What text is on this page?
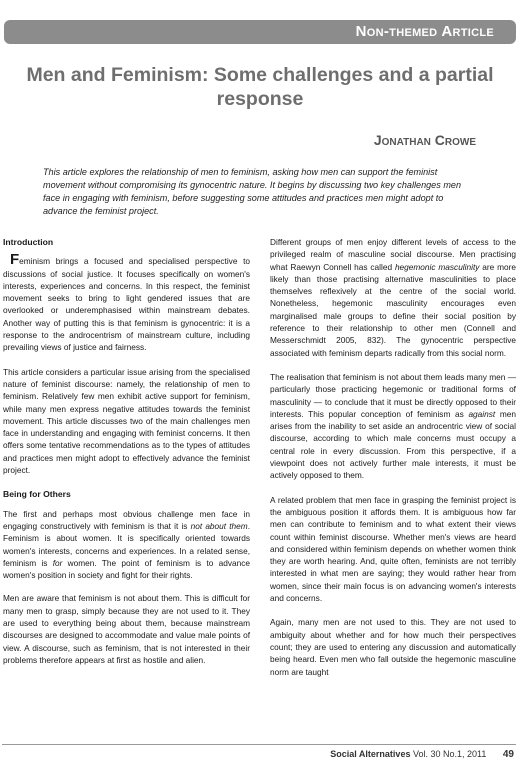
Non-themed Article
Men and Feminism: Some challenges and a partial response
Jonathan Crowe

This article explores the relationship of men to feminism, asking how men can support the feminist movement without compromising its gynocentric nature. It begins by discussing two key challenges men face in engaging with feminism, before suggesting some attitudes and practices men might adopt to advance the feminist project.

Introduction

Feminism brings a focused and specialised perspective to discussions of social justice. It focuses specifically on women's interests, experiences and concerns. In this respect, the feminist movement seeks to bring to light gendered issues that are overlooked or underemphasised within mainstream debates. Another way of putting this is that feminism is gynocentric: it is a response to the androcentrism of mainstream culture, including prevailing views of justice and fairness.

This article considers a particular issue arising from the specialised nature of feminist discourse: namely, the relationship of men to feminism. Relatively few men exhibit active support for feminism, while many men express negative attitudes towards the feminist movement. This article discusses two of the main challenges men face in understanding and engaging with feminist concerns. It then offers some tentative recommendations as to the types of attitudes and practices men might adopt to effectively advance the feminist project.

Being for Others

The first and perhaps most obvious challenge men face in engaging constructively with feminism is that it is not about them. Feminism is about women. It is specifically oriented towards women's interests, concerns and experiences. In a related sense, feminism is for women. The point of feminism is to advance women's position in society and fight for their rights.

Men are aware that feminism is not about them. This is difficult for many men to grasp, simply because they are not used to it. They are used to everything being about them, because mainstream discourses are designed to accommodate and value male points of view. A discourse, such as feminism, that is not interested in their problems therefore appears at first as hostile and alien.

Different groups of men enjoy different levels of access to the privileged realm of masculine social discourse. Men practising what Raewyn Connell has called hegemonic masculinity are more likely than those practising alternative masculinities to place themselves reflexively at the centre of the social world. Nonetheless, hegemonic masculinity encourages even marginalised male groups to define their social position by reference to their relationship to other men (Connell and Messerschmidt 2005, 832). The gynocentric perspective associated with feminism departs radically from this social norm.

The realisation that feminism is not about them leads many men — particularly those practicing hegemonic or traditional forms of masculinity — to conclude that it must be directly opposed to their interests. This popular conception of feminism as against men arises from the inability to set aside an androcentric view of social discourse, according to which male concerns must occupy a central role in every discussion. From this perspective, if a viewpoint does not actively further male interests, it must be actively opposed to them.

A related problem that men face in grasping the feminist project is the ambiguous position it affords them. It is ambiguous how far men can contribute to feminism and to what extent their views count within feminist discourse. Whether men's views are heard and considered within feminism depends on whether women think they are worth hearing. And, quite often, feminists are not terribly interested in what men are saying; they would rather hear from women, since their main focus is on advancing women's interests and concerns.

Again, many men are not used to this. They are not used to ambiguity about whether and for how much their perspectives count; they are used to entering any discussion and automatically being heard. Even men who fall outside the hegemonic masculine norm are taught

Social Alternatives Vol. 30 No.1, 2011 49
